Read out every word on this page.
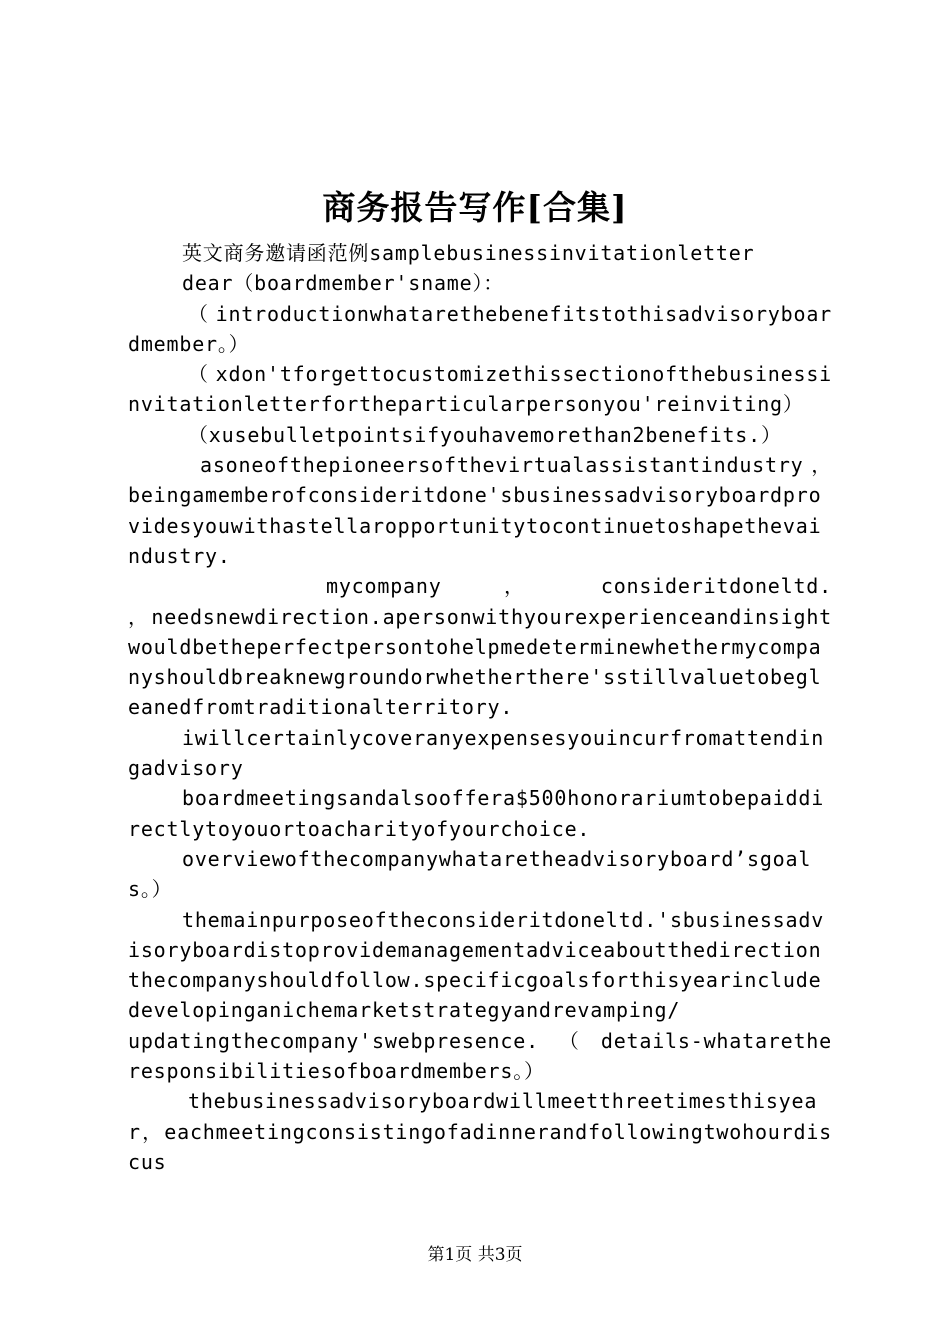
商务报告写作[合集]

英文商务邀请函范例samplebusinessinvitationletter

dear（boardmember'sname）：

（introductionwhatarethebenefitstothisadvisoryboardmember。）

（xdon'tforgettocustomizethissectionofthebusinessinvitationletterfortheparticularpersonyou'reinviting）

（xusebulletpointsifyouhavemorethan2benefits.）

asoneofthepioneersofthevirtualassistantindustry，beingamemberofconsideritdone'sbusinessadvisoryboardprovidesyouwithastellaropportunitytocontinuetoshapethevaindustry.

mycompany ， consideritdoneltd. ，needsnewdirection.apersonwithyourexperienceandinsightwouldbetheperfectpersontohelpmedeterminewhethermycompanyshouldbreaknewgroundorwhetherthere'sstillvaluetobegleanedfromtraditionalterritory.

iwillcertainlycoveranyexpensesyouincurfromattendingadvisory

boardmeetingsandalsooffera$500honorariumtobepaiddirectlytoyouortoacharityofyourchoice.

overviewofthecompanywhataretheadvisoryboard’sgoals。）

themainpurposeoftheconsideritdoneltd.'sbusinessadvisoryboardistoprovidemanagementadviceaboutthedirectionthecompanyshouldfollow.specificgoalsforthisyearincludedevelopinganichemarketstrategyandrevamping/

updatingthecompany'swebpresence. （ details-whataretheresponsibilitiesofboardmembers。）

thebusinessadvisoryboardwillmeetthreetimesthisyear，eachmeetingconsistingofadinnerandfollowingtwohourdiscus

第1页 共3页
